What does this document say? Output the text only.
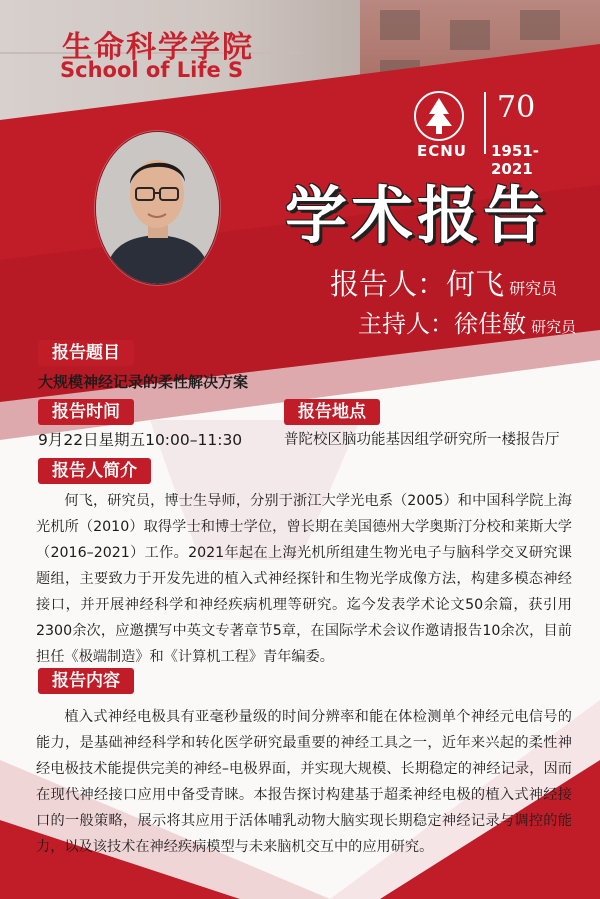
生命科学学院
School of Life S
ECNU
70
1951-2021
学术报告
报告人：何飞 研究员
主持人：徐佳敏 研究员
报告题目
大规模神经记录的柔性解决方案
报告时间	报告地点
9月22日星期五10:00–11:30	普陀校区脑功能基因组学研究所一楼报告厅
报告人简介
何飞，研究员，博士生导师，分别于浙江大学光电系（2005）和中国科学院上海光机所（2010）取得学士和博士学位，曾长期在美国德州大学奥斯汀分校和莱斯大学（2016–2021）工作。2021年起在上海光机所组建生物光电子与脑科学交叉研究课题组，主要致力于开发先进的植入式神经探针和生物光学成像方法，构建多模态神经接口，并开展神经科学和神经疾病机理等研究。迄今发表学术论文50余篇，获引用2300余次，应邀撰写中英文专著章节5章，在国际学术会议作邀请报告10余次，目前担任《极端制造》和《计算机工程》青年编委。
报告内容
植入式神经电极具有亚毫秒量级的时间分辨率和能在体检测单个神经元电信号的能力，是基础神经科学和转化医学研究最重要的神经工具之一，近年来兴起的柔性神经电极技术能提供完美的神经–电极界面，并实现大规模、长期稳定的神经记录，因而在现代神经接口应用中备受青睐。本报告探讨构建基于超柔神经电极的植入式神经接口的一般策略，展示将其应用于活体哺乳动物大脑实现长期稳定神经记录与调控的能力，以及该技术在神经疾病模型与未来脑机交互中的应用研究。
